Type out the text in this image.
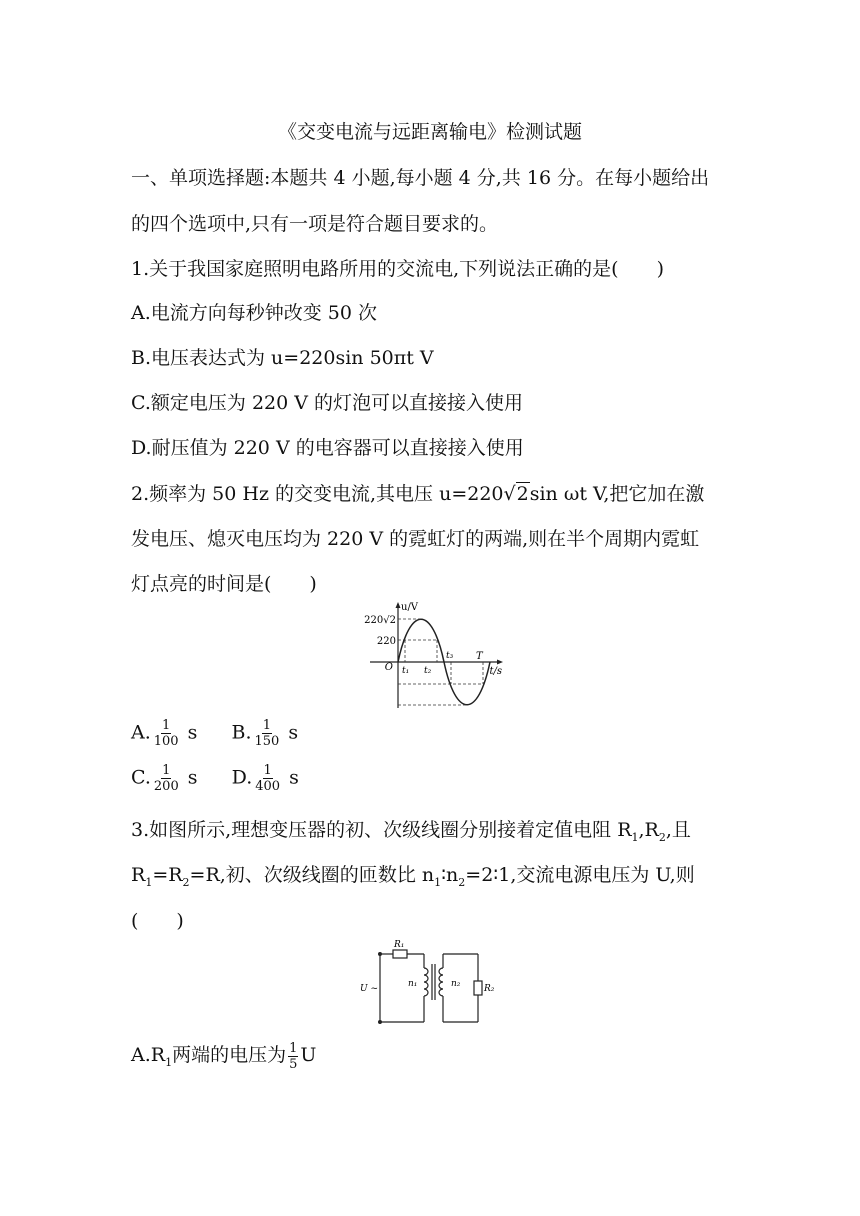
《交变电流与远距离输电》检测试题
一、单项选择题:本题共 4 小题,每小题 4 分,共 16 分。在每小题给出
的四个选项中,只有一项是符合题目要求的。
1.关于我国家庭照明电路所用的交流电,下列说法正确的是(　　)
A.电流方向每秒钟改变 50 次
B.电压表达式为 u=220sin 50πt V
C.额定电压为 220 V 的灯泡可以直接接入使用
D.耐压值为 220 V 的电容器可以直接接入使用
2.频率为 50 Hz 的交变电流,其电压 u=220√2sin ωt V,把它加在激
发电压、熄灭电压均为 220 V 的霓虹灯的两端,则在半个周期内霓虹
灯点亮的时间是(　　)
u/V
t/s
O
220√2
220
t₁ t₂
t₃ T
A. $\frac{1}{100}$ s B. $\frac{1}{150}$ s
C. $\frac{1}{200}$ s D. $\frac{1}{400}$ s
3.如图所示,理想变压器的初、次级线圈分别接着定值电阻 $R_1,R_2$,且
$R_1=R_2=R$,初、次级线圈的匝数比 $n_1∶n_2=2∶1$,交流电源电压为 U,则
(　　)
R₁
R₂
U ~	n₁	n₂
$A.R_1$两端的电压为 $\frac{1}{5}$ U
